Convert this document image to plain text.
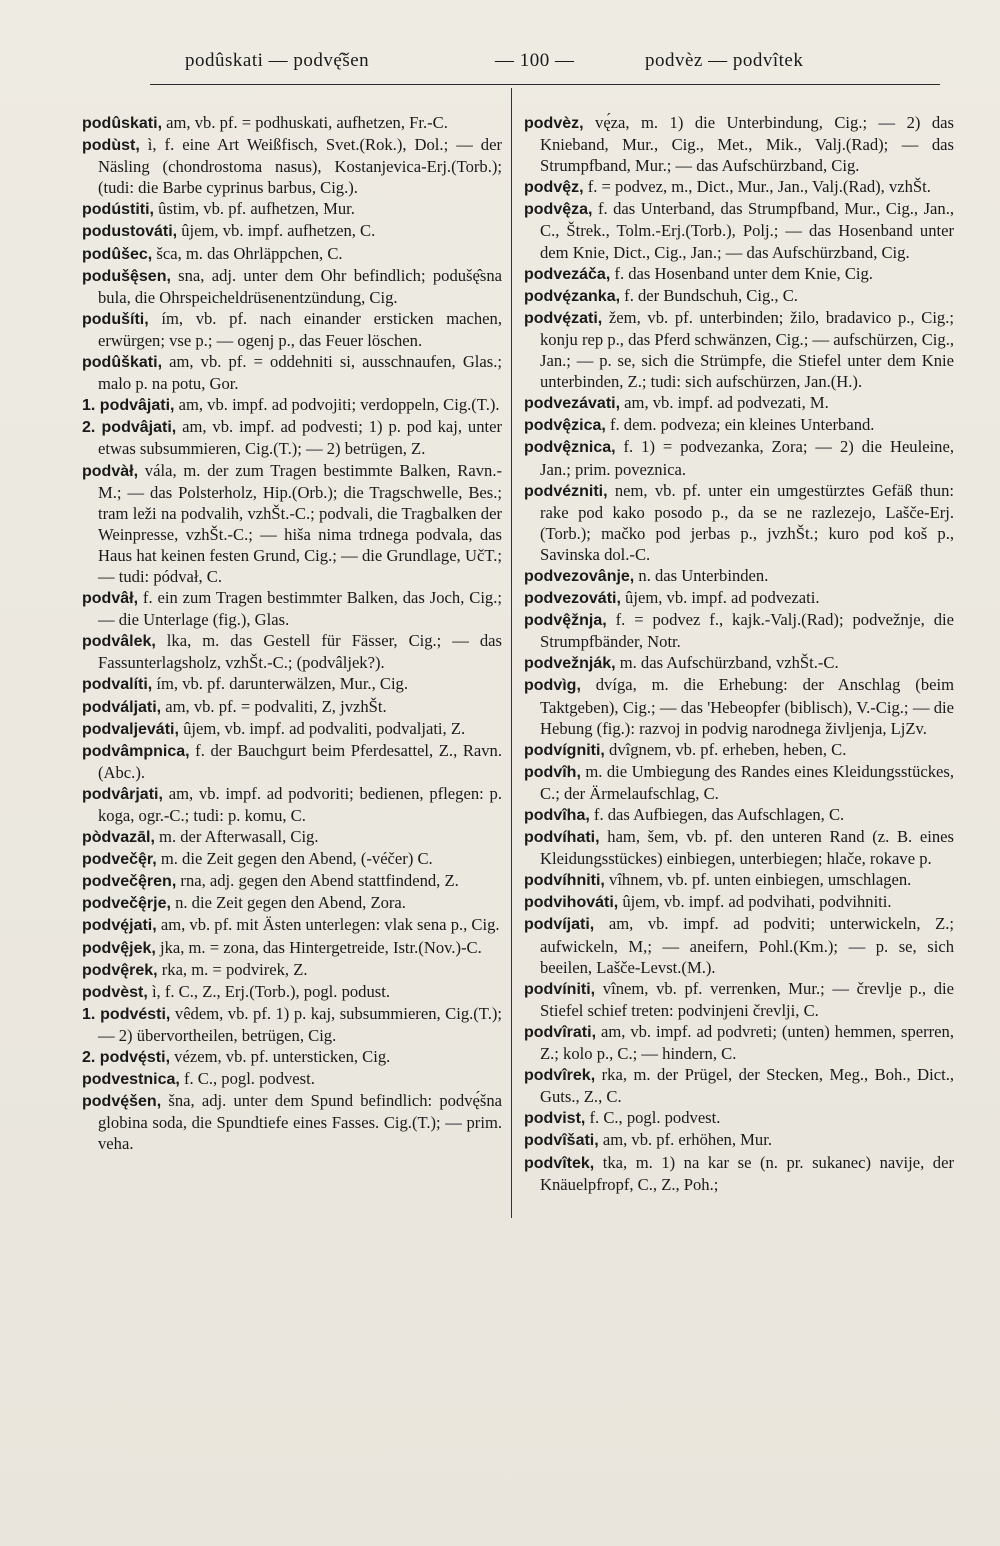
podûskati — podvę̂šen	— 100 —	podvèz — podvîtek

podûskati, am, vb. pf. = podhuskati, aufhetzen, Fr.-C.

podùst, ì, f. eine Art Weißfisch, Svet.(Rok.), Dol.; — der Näsling (chondrostoma nasus), Kostanjevica-Erj.(Torb.); (tudi: die Barbe cyprinus barbus, Cig.).

podústiti, ûstim, vb. pf. aufhetzen, Mur.

podustováti, ûjem, vb. impf. aufhetzen, C.

podûšec, šca, m. das Ohrläppchen, C.

podušę̂sen, sna, adj. unter dem Ohr befindlich; podušę̂sna bula, die Ohrspeicheldrüsenentzündung, Cig.

podušíti, ím, vb. pf. nach einander ersticken machen, erwürgen; vse p.; — ogenj p., das Feuer löschen.

podûškati, am, vb. pf. = oddehniti si, ausschnaufen, Glas.; malo p. na potu, Gor.

1. podvâjati, am, vb. impf. ad podvojiti; verdoppeln, Cig.(T.).

2. podvâjati, am, vb. impf. ad podvesti; 1) p. pod kaj, unter etwas subsummieren, Cig.(T.); — 2) betrügen, Z.

podvàł, vála, m. der zum Tragen bestimmte Balken, Ravn.-M.; — das Polsterholz, Hip.(Orb.); die Tragschwelle, Bes.; tram leži na podvalih, vzhŠt.-C.; podvali, die Tragbalken der Weinpresse, vzhŠt.-C.; — hiša nima trdnega podvala, das Haus hat keinen festen Grund, Cig.; — die Grundlage, UčT.; — tudi: pódvał, C.

podvâł, f. ein zum Tragen bestimmter Balken, das Joch, Cig.; — die Unterlage (fig.), Glas.

podvâlek, lka, m. das Gestell für Fässer, Cig.; — das Fassunterlagsholz, vzhŠt.-C.; (podvâljek?).

podvalíti, ím, vb. pf. darunterwälzen, Mur., Cig.

podváljati, am, vb. pf. = podvaliti, Z, jvzhŠt.

podvaljeváti, ûjem, vb. impf. ad podvaliti, podvaljati, Z.

podvâmpnica, f. der Bauchgurt beim Pferdesattel, Z., Ravn.(Abc.).

podvârjati, am, vb. impf. ad podvoriti; bedienen, pflegen: p. koga, ogr.-C.; tudi: p. komu, C.

pòdvazāl, m. der Afterwasall, Cig.

podvečę̂r, m. die Zeit gegen den Abend, (-véčer) C.

podvečę̂ren, rna, adj. gegen den Abend stattfindend, Z.

podvečę̂rje, n. die Zeit gegen den Abend, Zora.

podvę́jati, am, vb. pf. mit Ästen unterlegen: vlak sena p., Cig.

podvę̂jek, jka, m. = zona, das Hintergetreide, Istr.(Nov.)-C.

podvę̂rek, rka, m. = podvirek, Z.

podvèst, ì, f. C., Z., Erj.(Torb.), pogl. podust.

1. podvésti, vêdem, vb. pf. 1) p. kaj, subsummieren, Cig.(T.); — 2) übervortheilen, betrügen, Cig.

2. podvę́sti, vézem, vb. pf. untersticken, Cig.

podvestnica, f. C., pogl. podvest.

podvę́šen, šna, adj. unter dem Spund befindlich: podvę́šna globina soda, die Spundtiefe eines Fasses. Cig.(T.); — prim. veha.

podvèz, vę́za, m. 1) die Unterbindung, Cig.; — 2) das Knieband, Mur., Cig., Met., Mik., Valj.(Rad); — das Strumpfband, Mur.; — das Aufschürzband, Cig.

podvę̂z, f. = podvez, m., Dict., Mur., Jan., Valj.(Rad), vzhŠt.

podvę̂za, f. das Unterband, das Strumpfband, Mur., Cig., Jan., C., Štrek., Tolm.-Erj.(Torb.), Polj.; — das Hosenband unter dem Knie, Dict., Cig., Jan.; — das Aufschürzband, Cig.

podvezáča, f. das Hosenband unter dem Knie, Cig.

podvę́zanka, f. der Bundschuh, Cig., C.

podvę́zati, žem, vb. pf. unterbinden; žilo, bradavico p., Cig.; konju rep p., das Pferd schwänzen, Cig.; — aufschürzen, Cig., Jan.; — p. se, sich die Strümpfe, die Stiefel unter dem Knie unterbinden, Z.; tudi: sich aufschürzen, Jan.(H.).

podvezávati, am, vb. impf. ad podvezati, M.

podvę̂zica, f. dem. podveza; ein kleines Unterband.

podvę̂znica, f. 1) = podvezanka, Zora; — 2) die Heuleine, Jan.; prim. poveznica.

podvézniti, nem, vb. pf. unter ein umgestürztes Gefäß thun: rake pod kako posodo p., da se ne razlezejo, Lašče-Erj.(Torb.); mačko pod jerbas p., jvzhŠt.; kuro pod koš p., Savinska dol.-C.

podvezovânje, n. das Unterbinden.

podvezováti, ûjem, vb. impf. ad podvezati.

podvę̂žnja, f. = podvez f., kajk.-Valj.(Rad); podvežnje, die Strumpfbänder, Notr.

podvežnják, m. das Aufschürzband, vzhŠt.-C.

podvìg, dvíga, m. die Erhebung: der Anschlag (beim Taktgeben), Cig.; — das 'Hebeopfer (biblisch), V.-Cig.; — die Hebung (fig.): razvoj in podvig narodnega življenja, LjZv.

podvígniti, dvîgnem, vb. pf. erheben, heben, C.

podvîh, m. die Umbiegung des Randes eines Kleidungsstückes, C.; der Ärmelaufschlag, C.

podvîha, f. das Aufbiegen, das Aufschlagen, C.

podvíhati, ham, šem, vb. pf. den unteren Rand (z. B. eines Kleidungsstückes) einbiegen, unterbiegen; hlače, rokave p.

podvíhniti, vîhnem, vb. pf. unten einbiegen, umschlagen.

podvihováti, ûjem, vb. impf. ad podvihati, podvihniti.

podvíjati, am, vb. impf. ad podviti; unterwickeln, Z.; aufwickeln, M,; — aneifern, Pohl.(Km.); — p. se, sich beeilen, Lašče-Levst.(M.).

podvíniti, vînem, vb. pf. verrenken, Mur.; — črevlje p., die Stiefel schief treten: podvinjeni črevlji, C.

podvîrati, am, vb. impf. ad podvreti; (unten) hemmen, sperren, Z.; kolo p., C.; — hindern, C.

podvîrek, rka, m. der Prügel, der Stecken, Meg., Boh., Dict., Guts., Z., C.

podvist, f. C., pogl. podvest.

podvîšati, am, vb. pf. erhöhen, Mur.

podvîtek, tka, m. 1) na kar se (n. pr. sukanec) navije, der Knäuelpfropf, C., Z., Poh.;
